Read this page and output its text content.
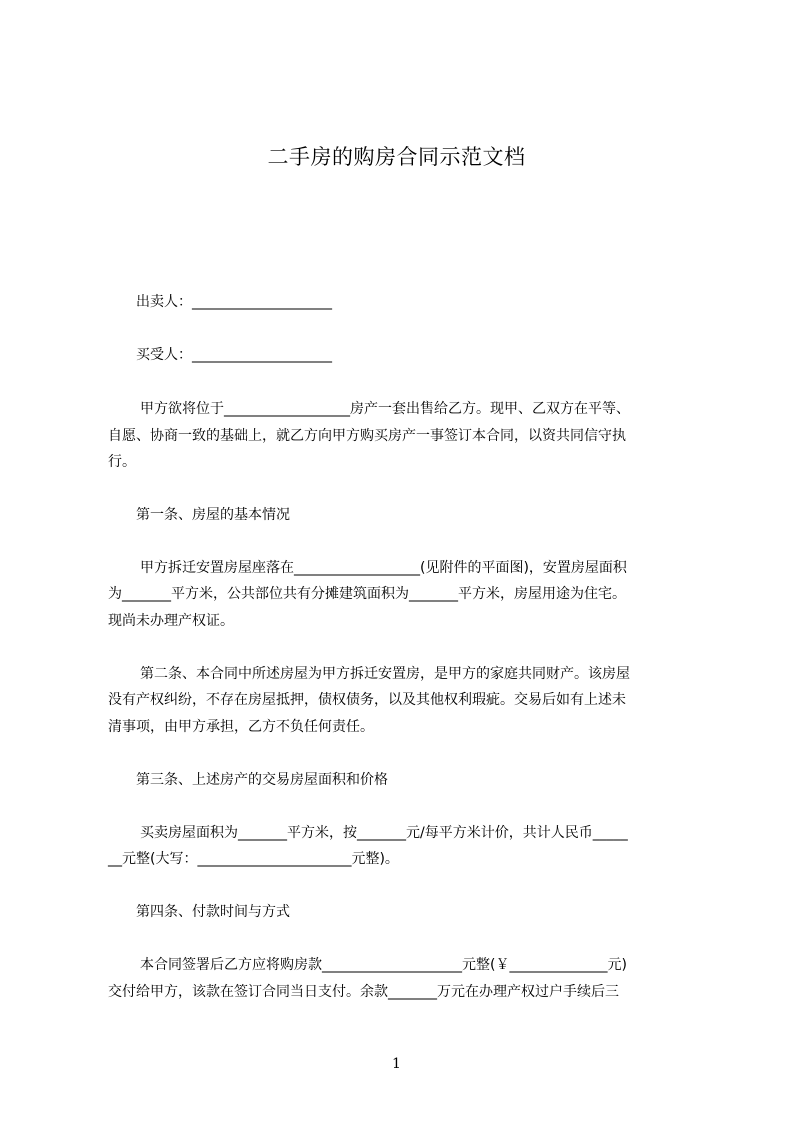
二手房的购房合同示范文档
出卖人：____________________
买受人：____________________
甲方欲将位于__________________房产一套出售给乙方。现甲、乙双方在平等、
自愿、协商一致的基础上，就乙方向甲方购买房产一事签订本合同，以资共同信守执
行。
第一条、房屋的基本情况
甲方拆迁安置房屋座落在__________________(见附件的平面图)，安置房屋面积
为_______平方米，公共部位共有分摊建筑面积为_______平方米，房屋用途为住宅。
现尚未办理产权证。
第二条、本合同中所述房屋为甲方拆迁安置房，是甲方的家庭共同财产。该房屋
没有产权纠纷，不存在房屋抵押，债权债务，以及其他权利瑕疵。交易后如有上述未
清事项，由甲方承担，乙方不负任何责任。
第三条、上述房产的交易房屋面积和价格
买卖房屋面积为_______平方米，按_______元/每平方米计价，共计人民币_____
__元整(大写：______________________元整)。
第四条、付款时间与方式
本合同签署后乙方应将购房款____________________元整(￥______________元)
交付给甲方，该款在签订合同当日支付。余款_______万元在办理产权过户手续后三
1
